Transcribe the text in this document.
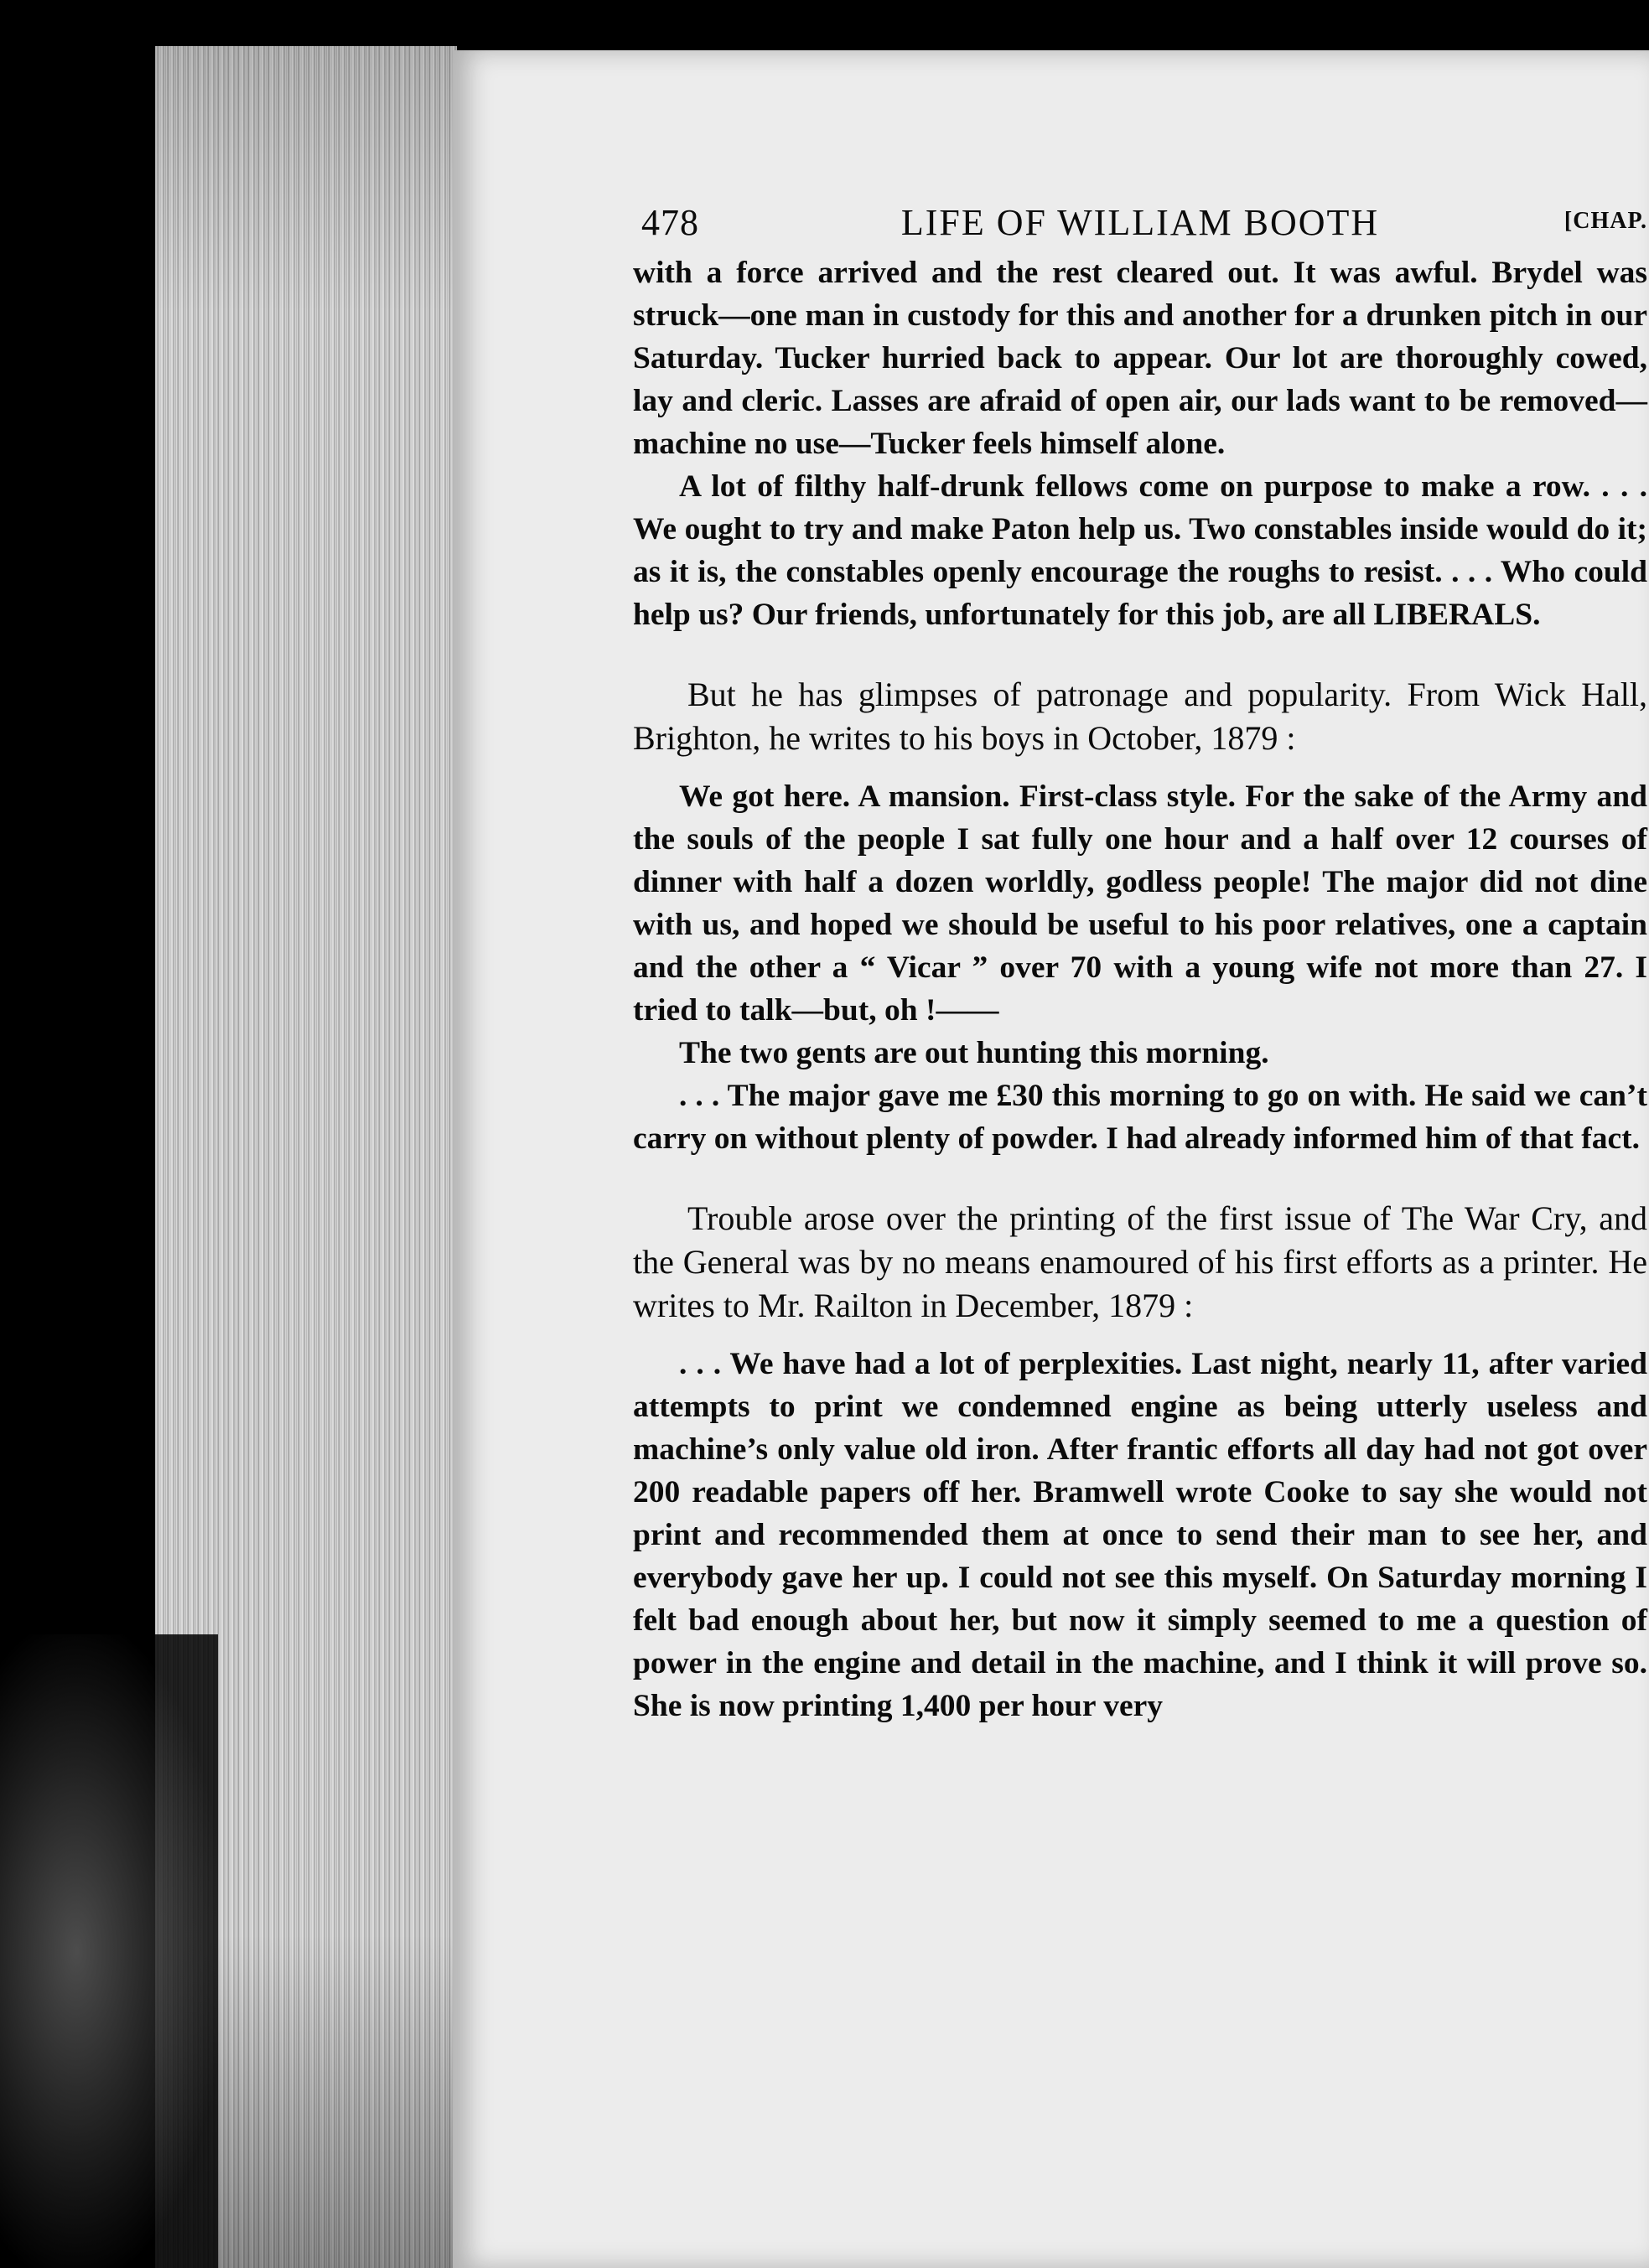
478	LIFE OF WILLIAM BOOTH	[CHAP.

with a force arrived and the rest cleared out. It was awful. Brydel was struck—one man in custody for this and another for a drunken pitch in our Saturday. Tucker hurried back to appear. Our lot are thoroughly cowed, lay and cleric. Lasses are afraid of open air, our lads want to be removed—machine no use—Tucker feels himself alone.

A lot of filthy half-drunk fellows come on purpose to make a row. . . . We ought to try and make Paton help us. Two constables inside would do it; as it is, the constables openly encourage the roughs to resist. . . . Who could help us? Our friends, unfortunately for this job, are all LIBERALS.

But he has glimpses of patronage and popularity. From Wick Hall, Brighton, he writes to his boys in October, 1879 :

We got here. A mansion. First-class style. For the sake of the Army and the souls of the people I sat fully one hour and a half over 12 courses of dinner with half a dozen worldly, godless people! The major did not dine with us, and hoped we should be useful to his poor relatives, one a captain and the other a “ Vicar ” over 70 with a young wife not more than 27. I tried to talk—but, oh !——

The two gents are out hunting this morning.

. . . The major gave me £30 this morning to go on with. He said we can’t carry on without plenty of powder. I had already informed him of that fact.

Trouble arose over the printing of the first issue of The War Cry, and the General was by no means enamoured of his first efforts as a printer. He writes to Mr. Railton in December, 1879 :

. . . We have had a lot of perplexities. Last night, nearly 11, after varied attempts to print we condemned engine as being utterly useless and machine’s only value old iron. After frantic efforts all day had not got over 200 readable papers off her. Bramwell wrote Cooke to say she would not print and recommended them at once to send their man to see her, and everybody gave her up. I could not see this myself. On Saturday morning I felt bad enough about her, but now it simply seemed to me a question of power in the engine and detail in the machine, and I think it will prove so. She is now printing 1,400 per hour very
